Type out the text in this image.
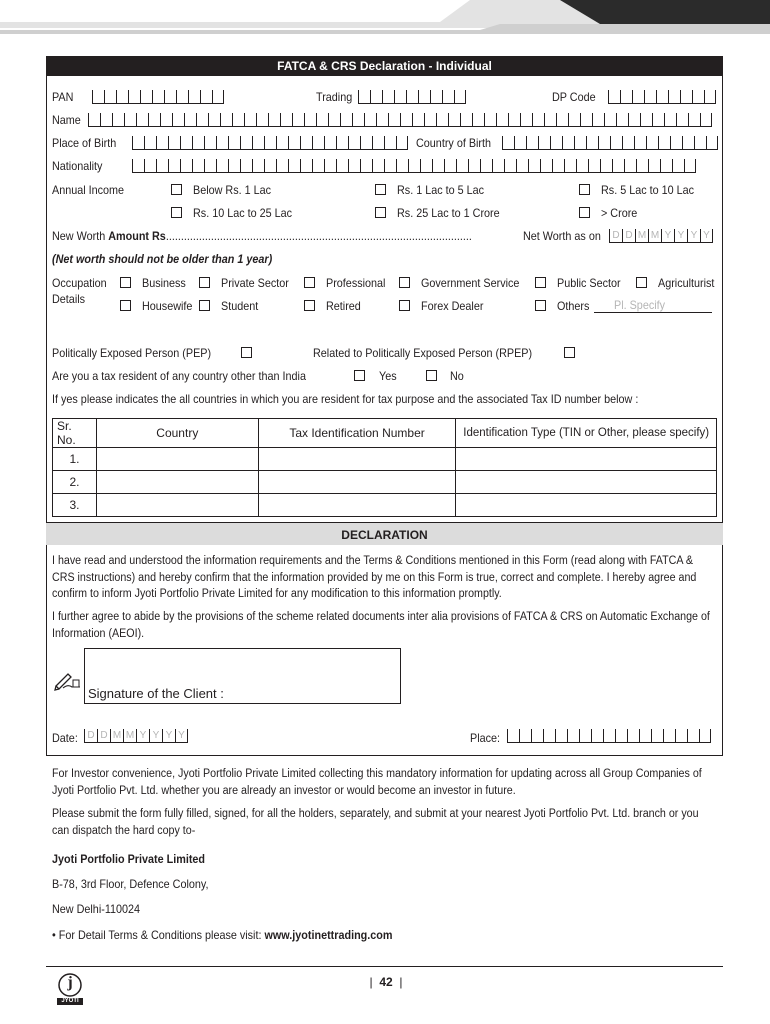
FATCA & CRS Declaration - Individual
PAN	Trading	DP Code
Name
Place of Birth	Country of Birth
Nationality
Annual Income	Below Rs. 1 Lac	Rs. 1 Lac to 5 Lac	Rs. 5 Lac to 10 Lac
Rs. 10 Lac to 25 Lac	Rs. 25 Lac to 1 Crore	> Crore
New Worth Amount Rs......................................................................................................	Net Worth as on	D D M M Y Y Y Y
(Net worth should not be older than 1 year)
Occupation
Details
Business	Private Sector	Professional	Government Service	Public Sector	Agriculturist
Housewife Student	Retired	Forex Dealer	Others Pl. Specify
Politically Exposed Person (PEP)	Related to Politically Exposed Person (RPEP)
Are you a tax resident of any country other than India	Yes	No
If yes please indicates the all countries in which you are resident for tax purpose and the associated Tax ID number below :
Sr. No.	Country	Tax Identification Number	Identification Type (TIN or Other, please specify)
1.			
2.			
3.			
DECLARATION
I have read and understood the information requirements and the Terms & Conditions mentioned in this Form (read along with FATCA & CRS instructions) and hereby confirm that the information provided by me on this Form is true, correct and complete. I hereby agree and confirm to inform Jyoti Portfolio Private Limited for any modification to this information promptly.
I further agree to abide by the provisions of the scheme related documents inter alia provisions of FATCA & CRS on Automatic Exchange of Information (AEOI).
Signature of the Client :
Date: D D M M Y Y Y Y	Place:
For Investor convenience, Jyoti Portfolio Private Limited collecting this mandatory information for updating across all Group Companies of Jyoti Portfolio Pvt. Ltd. whether you are already an investor or would become an investor in future.
Please submit the form fully filled, signed, for all the holders, separately, and submit at your nearest Jyoti Portfolio Pvt. Ltd. branch or you can dispatch the hard copy to-
Jyoti Portfolio Private Limited
B-78, 3rd Floor, Defence Colony,
New Delhi-110024
• For Detail Terms & Conditions please visit: www.jyotinettrading.com
j
JYOTI
| 42 |
